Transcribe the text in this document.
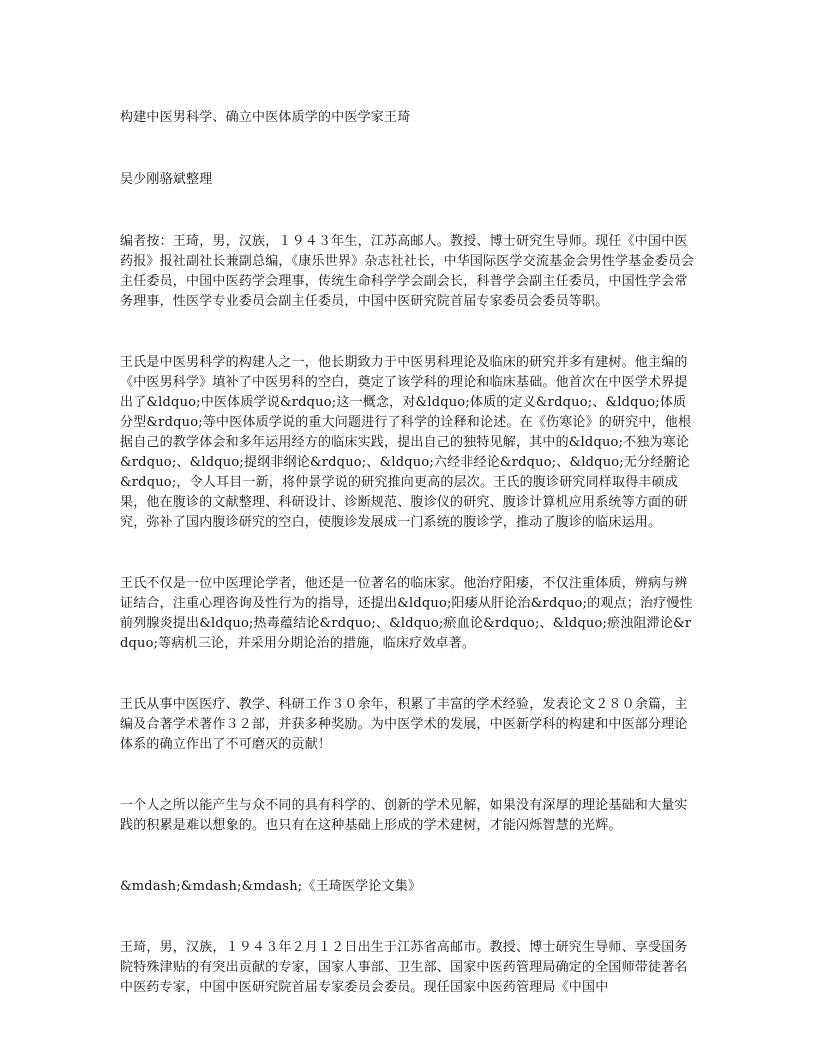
构建中医男科学、确立中医体质学的中医学家王琦

吴少刚骆斌整理

编者按：王琦，男，汉族，１９４３年生，江苏高邮人。教授、博士研究生导师。现任《中国中医药报》报社副社长兼副总编，《康乐世界》杂志社社长，中华国际医学交流基金会男性学基金委员会主任委员，中国中医药学会理事，传统生命科学学会副会长，科普学会副主任委员，中国性学会常务理事，性医学专业委员会副主任委员，中国中医研究院首届专家委员会委员等职。

王氏是中医男科学的构建人之一，他长期致力于中医男科理论及临床的研究并多有建树。他主编的《中医男科学》填补了中医男科的空白，奠定了该学科的理论和临床基础。他首次在中医学术界提出了&ldquo;中医体质学说&rdquo;这一概念，对&ldquo;体质的定义&rdquo;、&ldquo;体质分型&rdquo;等中医体质学说的重大问题进行了科学的诠释和论述。在《伤寒论》的研究中，他根据自己的教学体会和多年运用经方的临床实践，提出自己的独特见解，其中的&ldquo;不独为寒论&rdquo;、&ldquo;提纲非纲论&rdquo;、&ldquo;六经非经论&rdquo;、&ldquo;无分经腑论&rdquo;，令人耳目一新，将仲景学说的研究推向更高的层次。王氏的腹诊研究同样取得丰硕成果，他在腹诊的文献整理、科研设计、诊断规范、腹诊仪的研究、腹诊计算机应用系统等方面的研究，弥补了国内腹诊研究的空白，使腹诊发展成一门系统的腹诊学，推动了腹诊的临床运用。

王氏不仅是一位中医理论学者，他还是一位著名的临床家。他治疗阳痿，不仅注重体质，辨病与辨证结合，注重心理咨询及性行为的指导，还提出&ldquo;阳痿从肝论治&rdquo;的观点；治疗慢性前列腺炎提出&ldquo;热毒蕴结论&rdquo;、&ldquo;瘀血论&rdquo;、&ldquo;瘀浊阻滞论&rdquo;等病机三论，并采用分期论治的措施，临床疗效卓著。

王氏从事中医医疗、教学、科研工作３０余年，积累了丰富的学术经验，发表论文２８０余篇，主编及合著学术著作３２部，并获多种奖励。为中医学术的发展，中医新学科的构建和中医部分理论体系的确立作出了不可磨灭的贡献！

一个人之所以能产生与众不同的具有科学的、创新的学术见解，如果没有深厚的理论基础和大量实践的积累是难以想象的。也只有在这种基础上形成的学术建树，才能闪烁智慧的光辉。

&mdash;&mdash;&mdash;《王琦医学论文集》

王琦，男，汉族，１９４３年２月１２日出生于江苏省高邮市。教授、博士研究生导师、享受国务院特殊津贴的有突出贡献的专家，国家人事部、卫生部、国家中医药管理局确定的全国师带徒著名中医药专家，中国中医研究院首届专家委员会委员。现任国家中医药管理局《中国中
